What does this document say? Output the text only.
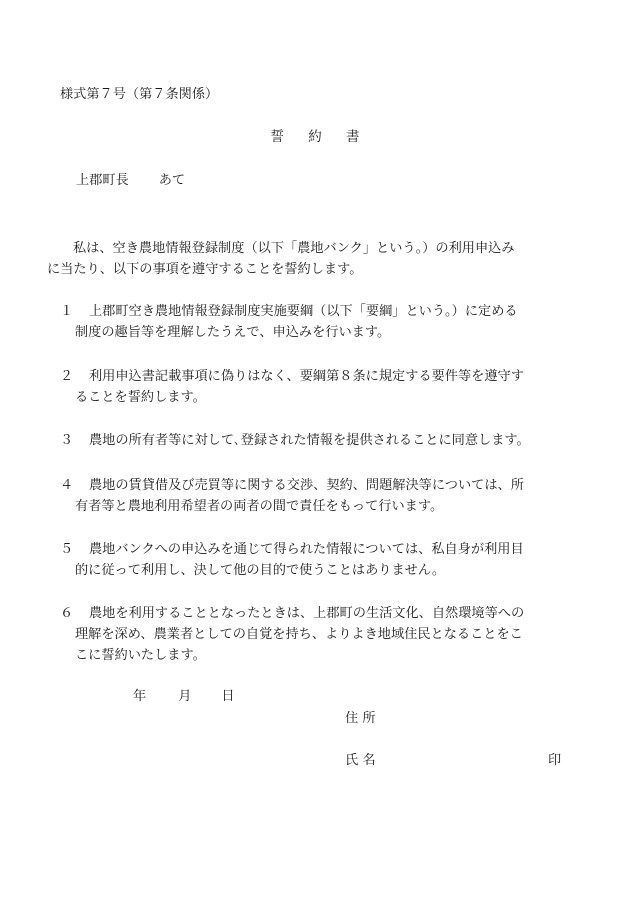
様式第７号（第７条関係）
誓 約 書
上郡町長 あて
私は、空き農地情報登録制度（以下「農地バンク」という。）の利用申込み
に当たり、以下の事項を遵守することを誓約します。
１	上郡町空き農地情報登録制度実施要綱（以下「要綱」という。）に定める
制度の趣旨等を理解したうえで、申込みを行います。
２	利用申込書記載事項に偽りはなく、要綱第８条に規定する要件等を遵守す
ることを誓約します。
３	農地の所有者等に対して､登録された情報を提供されることに同意します。
４	農地の賃貸借及び売買等に関する交渉、契約、問題解決等については、所
有者等と農地利用希望者の両者の間で責任をもって行います。
５	農地バンクへの申込みを通じて得られた情報については、私自身が利用目
的に従って利用し、決して他の目的で使うことはありません。
６	農地を利用することとなったときは、上郡町の生活文化、自然環境等への
理解を深め、農業者としての自覚を持ち、よりよき地域住民となることをこ
こに誓約いたします。
年 月 日
住 所
氏 名	印
